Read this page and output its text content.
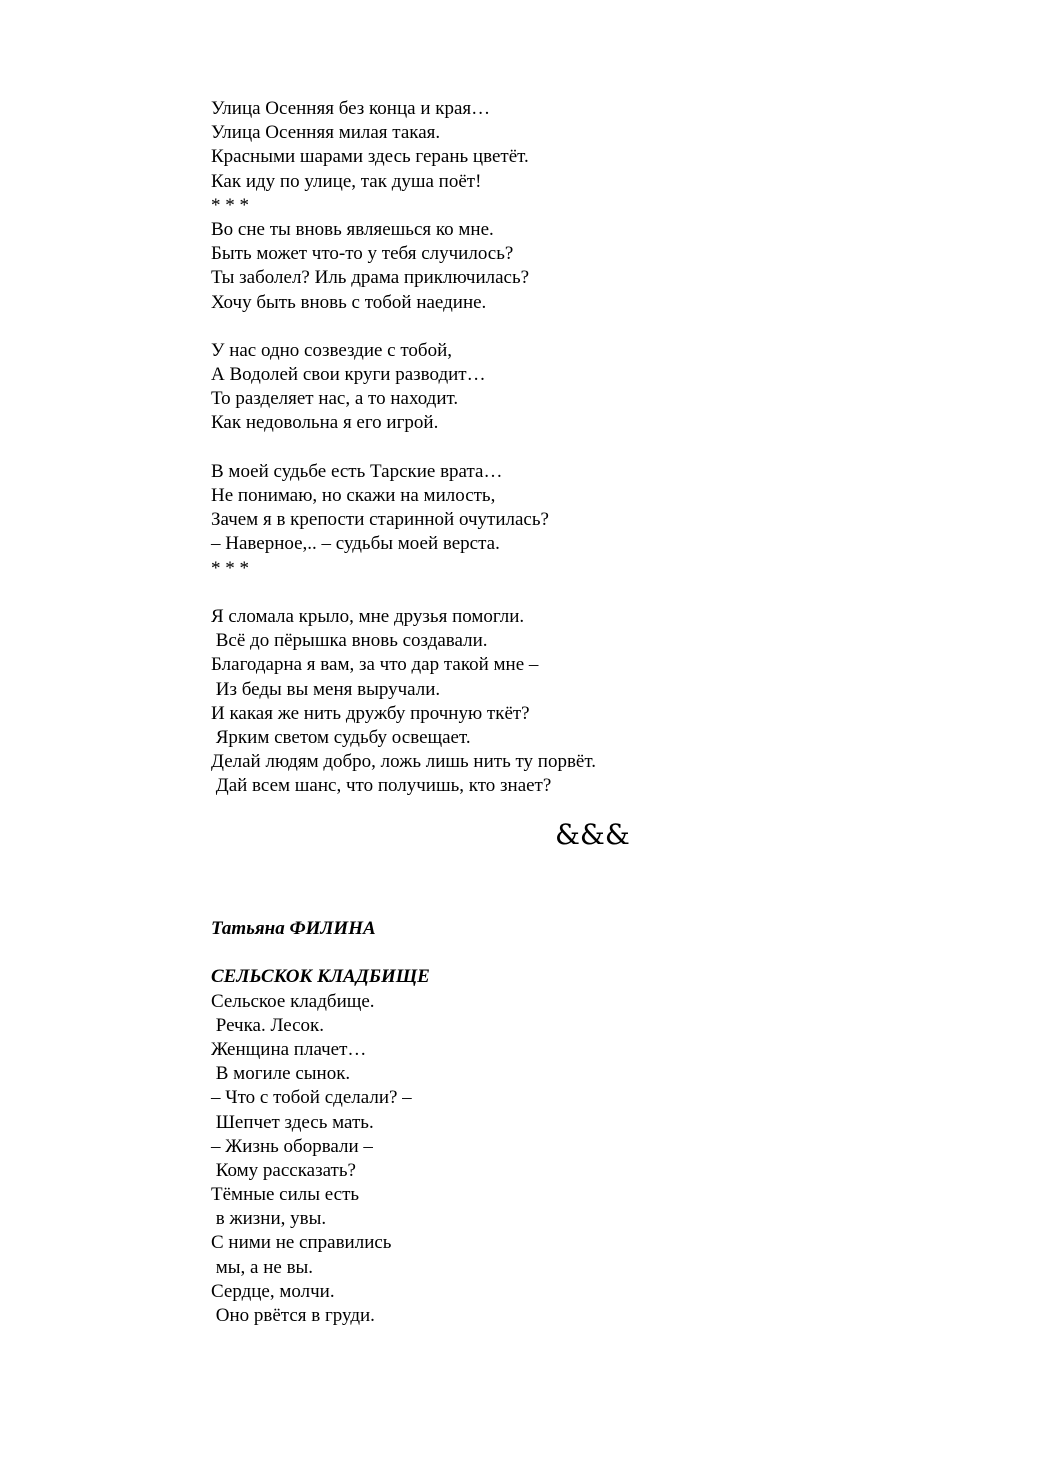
Улица Осенняя без конца и края…
Улица Осенняя милая такая.
Красными шарами здесь герань цветёт.
Как иду по улице, так душа поёт!
* * *
Во сне ты вновь являешься ко мне.
Быть может что-то у тебя случилось?
Ты заболел? Иль драма приключилась?
Хочу быть вновь с тобой наедине.
У нас одно созвездие с тобой,
А Водолей свои круги разводит…
То разделяет нас, а то находит.
Как недовольна я его игрой.
В моей судьбе есть Тарские врата…
Не понимаю, но скажи на милость,
Зачем я в крепости старинной очутилась?
– Наверное,.. – судьбы моей верста.
* * *
Я сломала крыло, мне друзья помогли.
Всё до пёрышка вновь создавали.
Благодарна я вам, за что дар такой мне –
Из беды вы меня выручали.
И какая же нить дружбу прочную ткёт?
Ярким светом судьбу освещает.
Делай людям добро, ложь лишь нить ту порвёт.
Дай всем шанс, что получишь, кто знает?
&&&
Татьяна ФИЛИНА
СЕЛЬСКОК КЛАДБИЩЕ
Сельское кладбище.
Речка. Лесок.
Женщина плачет…
В могиле сынок.
– Что с тобой сделали? –
Шепчет здесь мать.
– Жизнь оборвали –
Кому рассказать?
Тёмные силы есть
в жизни, увы.
С ними не справились
мы, а не вы.
Сердце, молчи.
Оно рвётся в груди.
